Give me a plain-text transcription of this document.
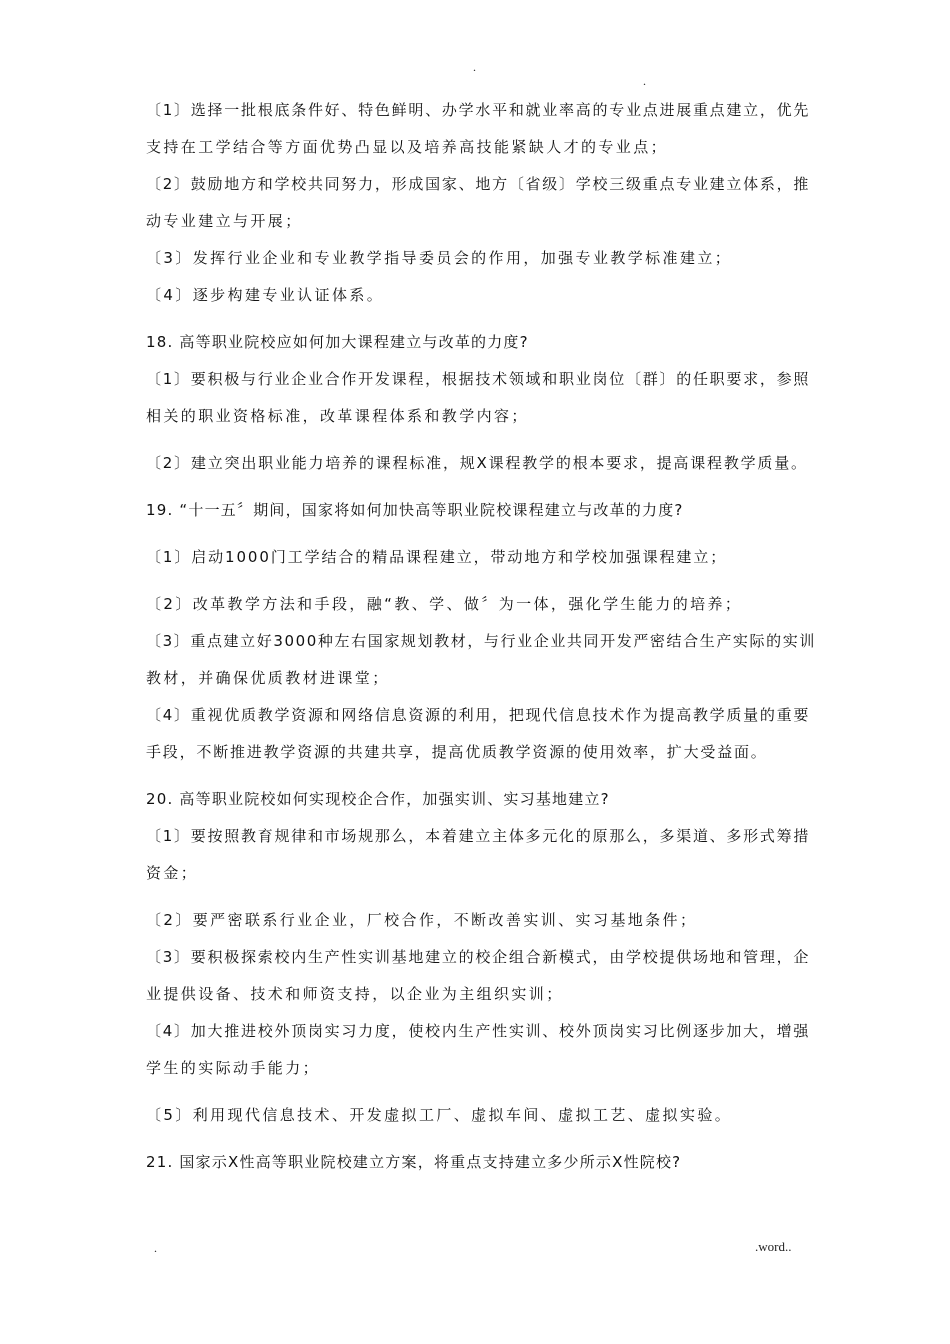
.
.
〔1〕选择一批根底条件好、特色鲜明、办学水平和就业率高的专业点进展重点建立，优先
支持在工学结合等方面优势凸显以及培养高技能紧缺人才的专业点；
〔2〕鼓励地方和学校共同努力，形成国家、地方〔省级〕学校三级重点专业建立体系，推
动专业建立与开展；
〔3〕发挥行业企业和专业教学指导委员会的作用，加强专业教学标准建立；
〔4〕逐步构建专业认证体系。
18. 高等职业院校应如何加大课程建立与改革的力度?
〔1〕要积极与行业企业合作开发课程，根据技术领域和职业岗位〔群〕的任职要求，参照
相关的职业资格标准，改革课程体系和教学内容；
〔2〕建立突出职业能力培养的课程标准，规X课程教学的根本要求，提高课程教学质量。
19. “十一五〞期间，国家将如何加快高等职业院校课程建立与改革的力度?
〔1〕启动1000门工学结合的精品课程建立，带动地方和学校加强课程建立；
〔2〕改革教学方法和手段，融“教、学、做〞为一体，强化学生能力的培养；
〔3〕重点建立好3000种左右国家规划教材，与行业企业共同开发严密结合生产实际的实训
教材，并确保优质教材进课堂；
〔4〕重视优质教学资源和网络信息资源的利用，把现代信息技术作为提高教学质量的重要
手段，不断推进教学资源的共建共享，提高优质教学资源的使用效率，扩大受益面。
20. 高等职业院校如何实现校企合作，加强实训、实习基地建立?
〔1〕要按照教育规律和市场规那么，本着建立主体多元化的原那么，多渠道、多形式筹措
资金；
〔2〕要严密联系行业企业，厂校合作，不断改善实训、实习基地条件；
〔3〕要积极探索校内生产性实训基地建立的校企组合新模式，由学校提供场地和管理，企
业提供设备、技术和师资支持，以企业为主组织实训；
〔4〕加大推进校外顶岗实习力度，使校内生产性实训、校外顶岗实习比例逐步加大，增强
学生的实际动手能力；
〔5〕利用现代信息技术、开发虚拟工厂、虚拟车间、虚拟工艺、虚拟实验。
21. 国家示X性高等职业院校建立方案，将重点支持建立多少所示X性院校?
.	.word..
